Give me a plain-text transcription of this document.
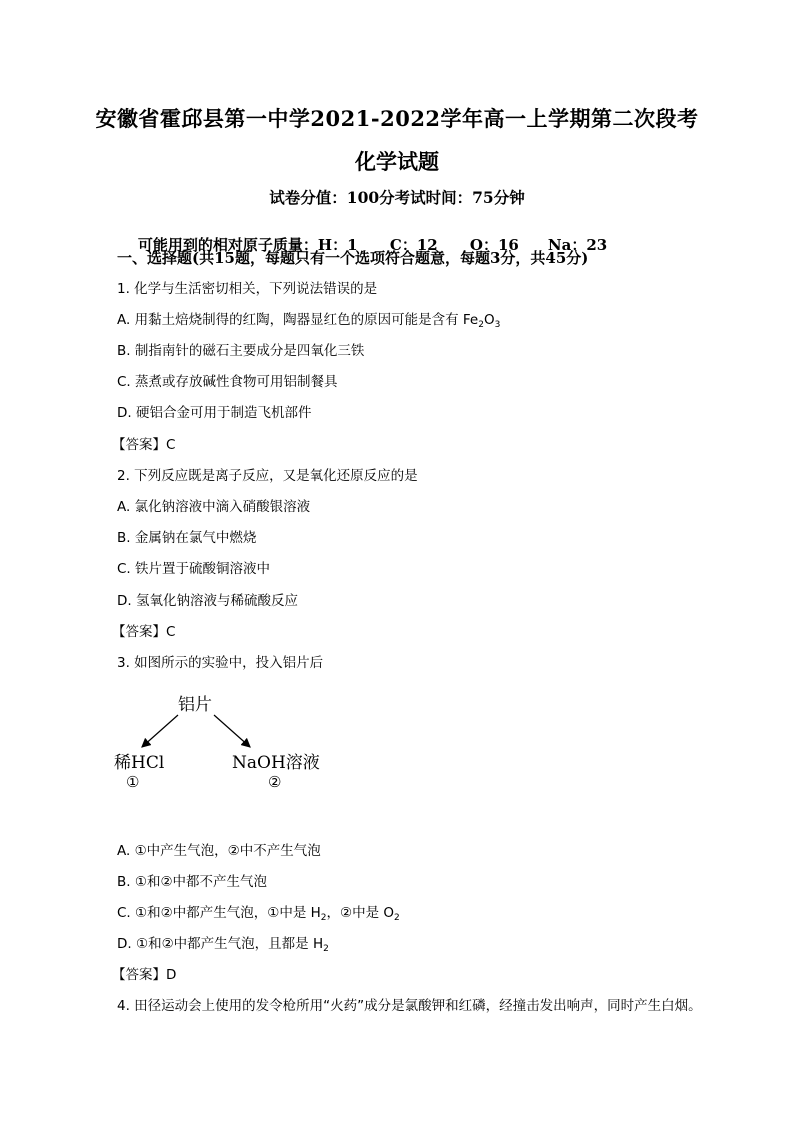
安徽省霍邱县第一中学2021-2022学年高一上学期第二次段考
化学试题
试卷分值：100分考试时间：75分钟

可能用到的相对原子质量：H：1 C：12 O：16 Na：23

一、选择题(共15题，每题只有一个选项符合题意，每题3分，共45分)
1. 化学与生活密切相关，下列说法错误的是
A. 用黏土焙烧制得的红陶，陶器显红色的原因可能是含有 $Fe_2O_3$
B. 制指南针的磁石主要成分是四氧化三铁
C. 蒸煮或存放碱性食物可用铝制餐具
D. 硬铝合金可用于制造飞机部件
【答案】C
2. 下列反应既是离子反应，又是氧化还原反应的是
A. 氯化钠溶液中滴入硝酸银溶液
B. 金属钠在氯气中燃烧
C. 铁片置于硫酸铜溶液中
D. 氢氧化钠溶液与稀硫酸反应
【答案】C
3. 如图所示的实验中，投入铝片后
铝片
稀HCl	NaOH溶液
①	②
A. ①中产生气泡，②中不产生气泡
B. ①和②中都不产生气泡
C. ①和②中都产生气泡，①中是 $H_2$，②中是 $O_2$
D. ①和②中都产生气泡，且都是 $H_2$
【答案】D
4. 田径运动会上使用的发令枪所用“火药”成分是氯酸钾和红磷，经撞击发出响声，同时产生白烟。
